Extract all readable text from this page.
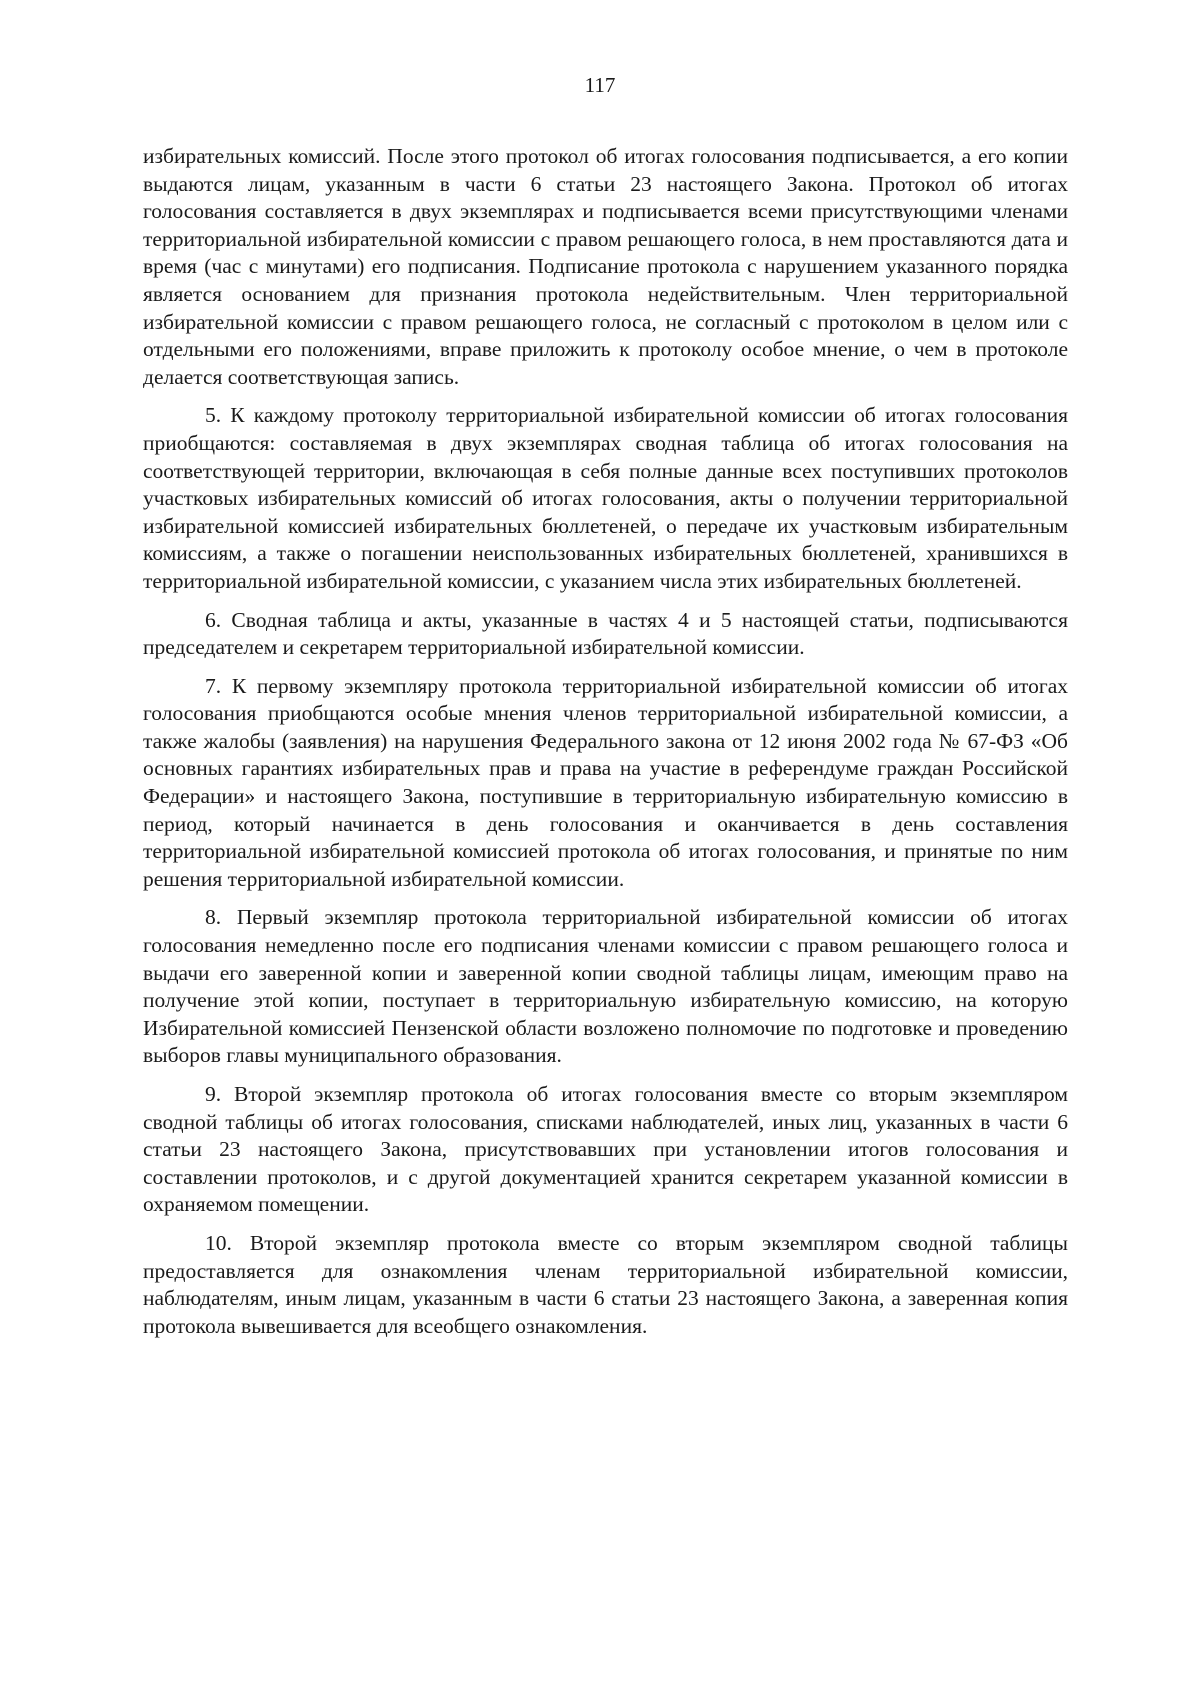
117

избирательных комиссий. После этого протокол об итогах голосования подписывается, а его копии выдаются лицам, указанным в части 6 статьи 23 настоящего Закона. Протокол об итогах голосования составляется в двух экземплярах и подписывается всеми присутствующими членами территориальной избирательной комиссии с правом решающего голоса, в нем проставляются дата и время (час с минутами) его подписания. Подписание протокола с нарушением указанного порядка является основанием для признания протокола недействительным. Член территориальной избирательной комиссии с правом решающего голоса, не согласный с протоколом в целом или с отдельными его положениями, вправе приложить к протоколу особое мнение, о чем в протоколе делается соответствующая запись.

5. К каждому протоколу территориальной избирательной комиссии об итогах голосования приобщаются: составляемая в двух экземплярах сводная таблица об итогах голосования на соответствующей территории, включающая в себя полные данные всех поступивших протоколов участковых избирательных комиссий об итогах голосования, акты о получении территориальной избирательной комиссией избирательных бюллетеней, о передаче их участковым избирательным комиссиям, а также о погашении неиспользованных избирательных бюллетеней, хранившихся в территориальной избирательной комиссии, с указанием числа этих избирательных бюллетеней.

6. Сводная таблица и акты, указанные в частях 4 и 5 настоящей статьи, подписываются председателем и секретарем территориальной избирательной комиссии.

7. К первому экземпляру протокола территориальной избирательной комиссии об итогах голосования приобщаются особые мнения членов территориальной избирательной комиссии, а также жалобы (заявления) на нарушения Федерального закона от 12 июня 2002 года № 67-ФЗ «Об основных гарантиях избирательных прав и права на участие в референдуме граждан Российской Федерации» и настоящего Закона, поступившие в территориальную избирательную комиссию в период, который начинается в день голосования и оканчивается в день составления территориальной избирательной комиссией протокола об итогах голосования, и принятые по ним решения территориальной избирательной комиссии.

8. Первый экземпляр протокола территориальной избирательной комиссии об итогах голосования немедленно после его подписания членами комиссии с правом решающего голоса и выдачи его заверенной копии и заверенной копии сводной таблицы лицам, имеющим право на получение этой копии, поступает в территориальную избирательную комиссию, на которую Избирательной комиссией Пензенской области возложено полномочие по подготовке и проведению выборов главы муниципального образования.

9. Второй экземпляр протокола об итогах голосования вместе со вторым экземпляром сводной таблицы об итогах голосования, списками наблюдателей, иных лиц, указанных в части 6 статьи 23 настоящего Закона, присутствовавших при установлении итогов голосования и составлении протоколов, и с другой документацией хранится секретарем указанной комиссии в охраняемом помещении.

10. Второй экземпляр протокола вместе со вторым экземпляром сводной таблицы предоставляется для ознакомления членам территориальной избирательной комиссии, наблюдателям, иным лицам, указанным в части 6 статьи 23 настоящего Закона, а заверенная копия протокола вывешивается для всеобщего ознакомления.
